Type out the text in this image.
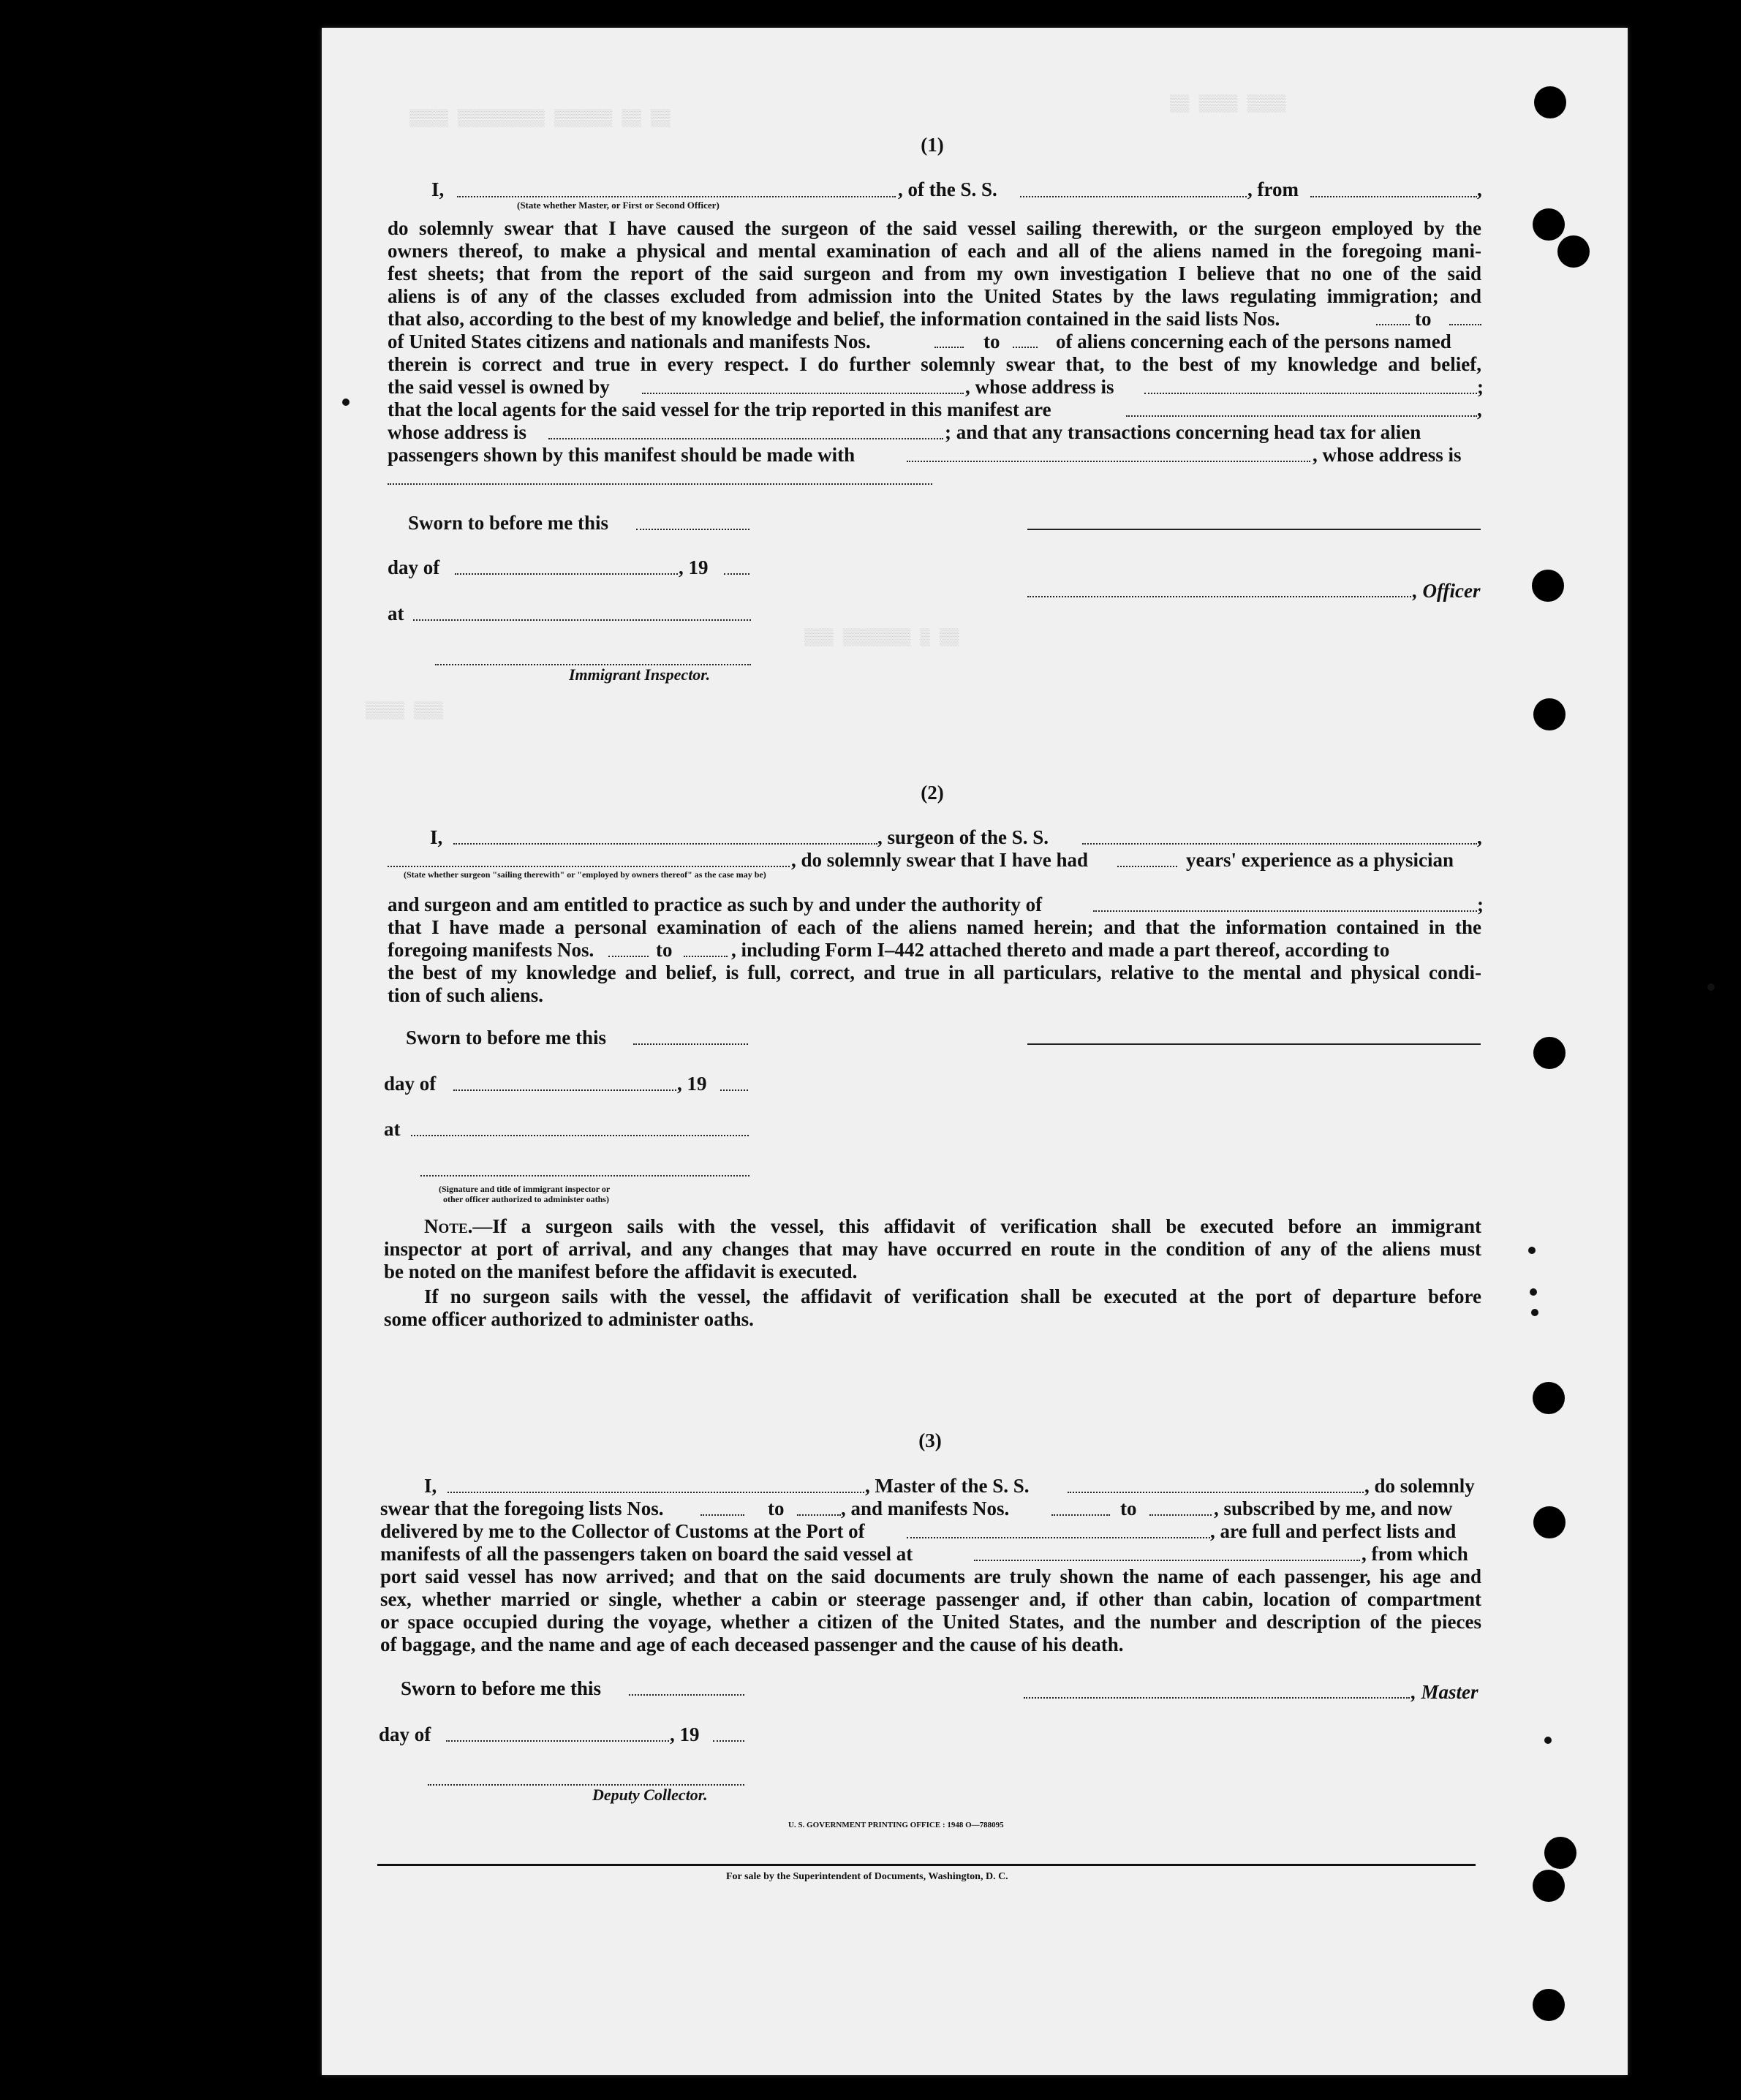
▒▒ ▒▒ ▒▒▒▒▒▒ ▒▒▒▒▒▒▒▒▒ ▒▒▒▒
▒▒▒▒ ▒▒▒▒ ▒▒
▒▒ ▒ ▒▒▒▒▒▒▒ ▒▒▒
▒▒▒ ▒▒▒▒
(1)
I,	, of the S. S.	, from	,
(State whether Master, or First or Second Officer)
do solemnly swear that I have caused the surgeon of the said vessel sailing therewith, or the surgeon employed by the
owners thereof, to make a physical and mental examination of each and all of the aliens named in the foregoing mani-
fest sheets; that from the report of the said surgeon and from my own investigation I believe that no one of the said
aliens is of any of the classes excluded from admission into the United States by the laws regulating immigration; and
that also, according to the best of my knowledge and belief, the information contained in the said lists Nos.	to
of United States citizens and nationals and manifests Nos.	to	of aliens concerning each of the persons named
therein is correct and true in every respect. I do further solemnly swear that, to the best of my knowledge and belief,
the said vessel is owned by	, whose address is	;
that the local agents for the said vessel for the trip reported in this manifest are	,
whose address is	; and that any transactions concerning head tax for alien
passengers shown by this manifest should be made with	, whose address is
Sworn to before me this
day of	, 19
, Officer
at
Immigrant Inspector.
(2)
I,	, surgeon of the S. S.	,
, do solemnly swear that I have had	years' experience as a physician
(State whether surgeon "sailing therewith" or "employed by owners thereof" as the case may be)
and surgeon and am entitled to practice as such by and under the authority of	;
that I have made a personal examination of each of the aliens named herein; and that the information contained in the
foregoing manifests Nos.	to	, including Form I–442 attached thereto and made a part thereof, according to
the best of my knowledge and belief, is full, correct, and true in all particulars, relative to the mental and physical condi-
tion of such aliens.
Sworn to before me this
day of	, 19
at
(Signature and title of immigrant inspector or
other officer authorized to administer oaths)
Note.—If a surgeon sails with the vessel, this affidavit of verification shall be executed before an immigrant
inspector at port of arrival, and any changes that may have occurred en route in the condition of any of the aliens must
be noted on the manifest before the affidavit is executed.
If no surgeon sails with the vessel, the affidavit of verification shall be executed at the port of departure before
some officer authorized to administer oaths.
(3)
I,	, Master of the S. S.	, do solemnly
swear that the foregoing lists Nos.	to	, and manifests Nos.	to	, subscribed by me, and now
delivered by me to the Collector of Customs at the Port of	, are full and perfect lists and
manifests of all the passengers taken on board the said vessel at	, from which
port said vessel has now arrived; and that on the said documents are truly shown the name of each passenger, his age and
sex, whether married or single, whether a cabin or steerage passenger and, if other than cabin, location of compartment
or space occupied during the voyage, whether a citizen of the United States, and the number and description of the pieces
of baggage, and the name and age of each deceased passenger and the cause of his death.
Sworn to before me this	, Master
day of	, 19
Deputy Collector.
U. S. GOVERNMENT PRINTING OFFICE : 1948 O—788095
For sale by the Superintendent of Documents, Washington, D. C.
